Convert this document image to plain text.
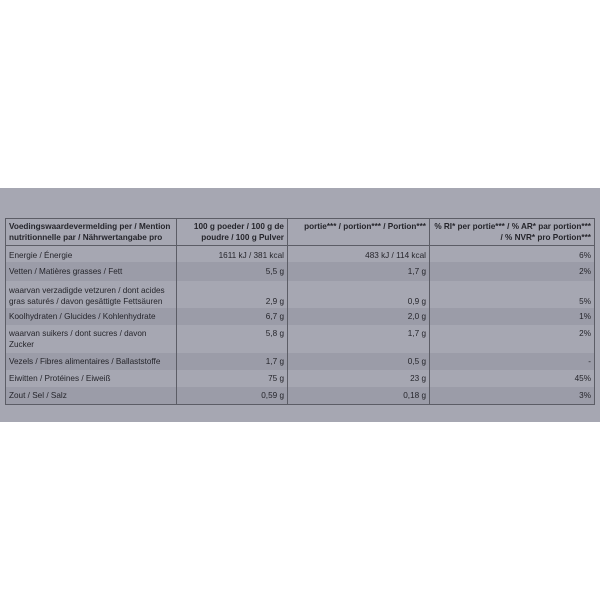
Voedingswaardevermelding per / Mention nutritionnelle par / Nährwertangabe pro	100 g poeder / 100 g de poudre / 100 g Pulver	portie*** / portion*** / Portion***	% RI* per portie*** / % AR* par portion*** / % NVR* pro Portion***
Energie / Énergie	1611 kJ / 381 kcal	483 kJ / 114 kcal	6%
Vetten / Matières grasses / Fett	5,5 g	1,7 g	2%
waarvan verzadigde vetzuren / dont acides gras saturés / davon gesättigte Fettsäuren	2,9 g	0,9 g	5%
Koolhydraten / Glucides / Kohlenhydrate	6,7 g	2,0 g	1%
waarvan suikers / dont sucres / davon Zucker	5,8 g	1,7 g	2%
Vezels / Fibres alimentaires / Ballaststoffe	1,7 g	0,5 g	-
Eiwitten / Protéines / Eiweiß	75 g	23 g	45%
Zout / Sel / Salz	0,59 g	0,18 g	3%
